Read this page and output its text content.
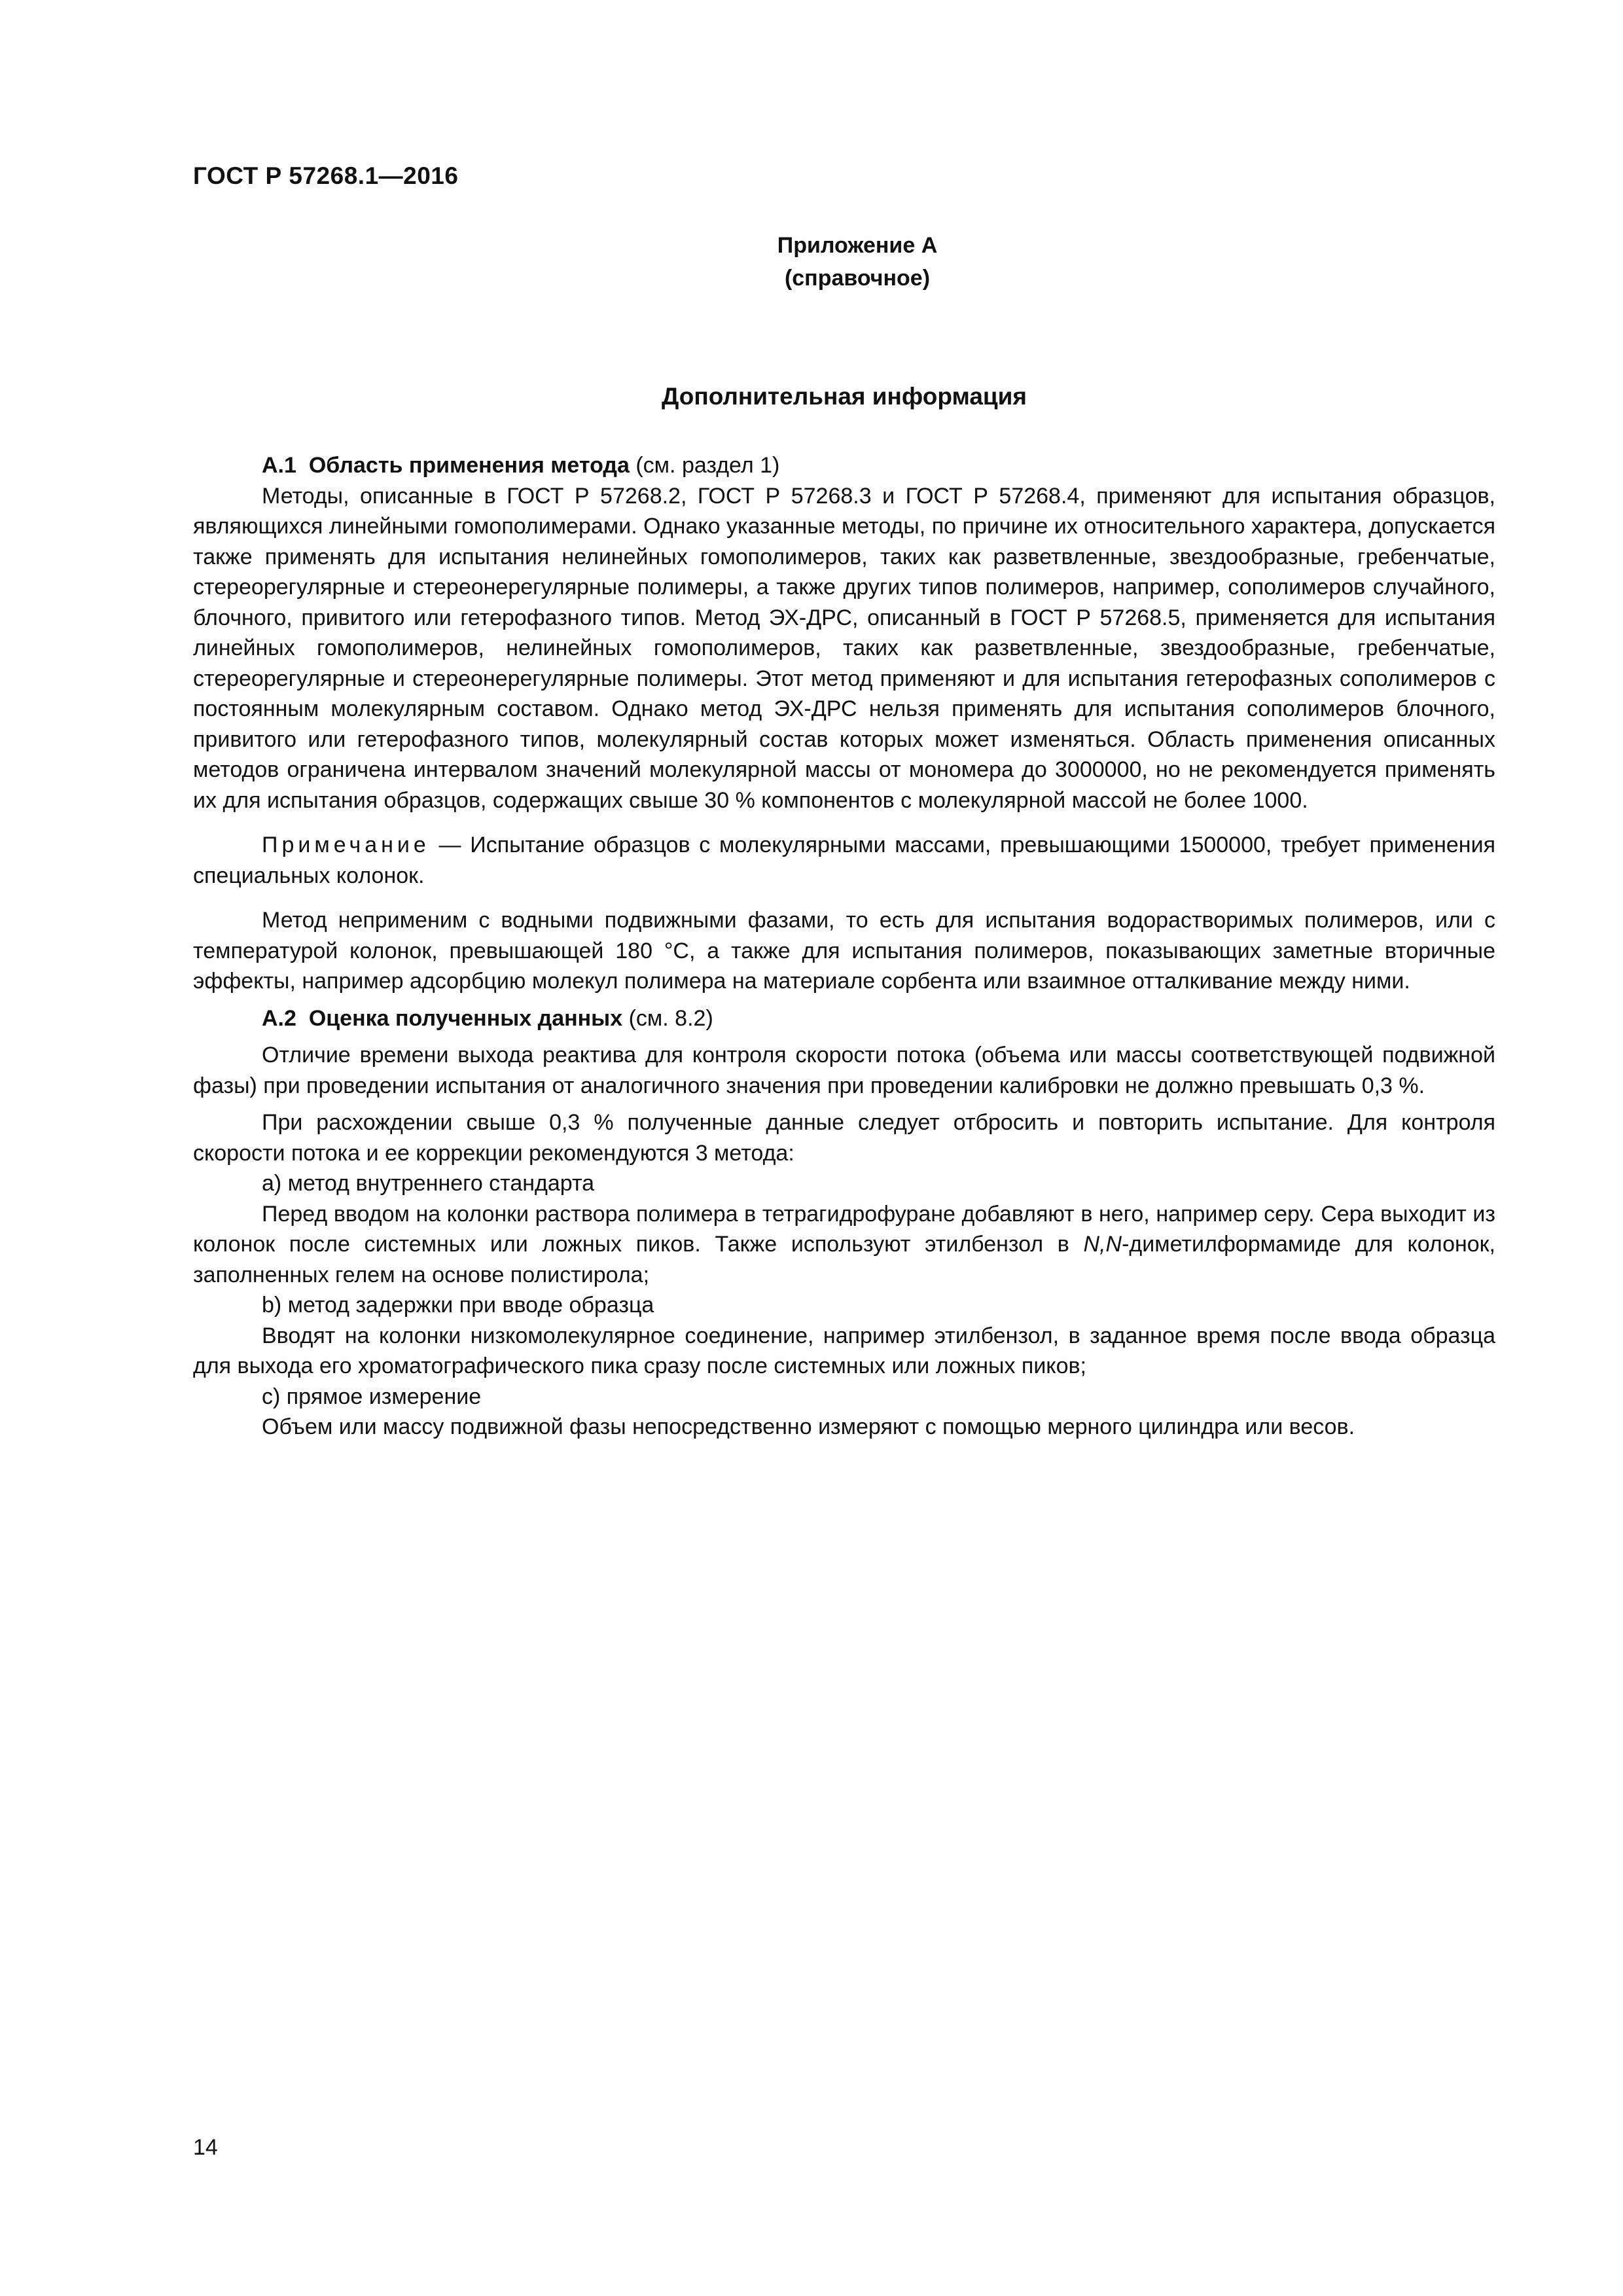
ГОСТ Р 57268.1—2016
Приложение А
(справочное)
Дополнительная информация

А.1 Область применения метода (см. раздел 1)

Методы, описанные в ГОСТ Р 57268.2, ГОСТ Р 57268.3 и ГОСТ Р 57268.4, применяют для испытания образцов, являющихся линейными гомополимерами. Однако указанные методы, по причине их относительного характера, допускается также применять для испытания нелинейных гомополимеров, таких как разветвленные, звездообразные, гребенчатые, стереорегулярные и стереонерегулярные полимеры, а также других типов полимеров, например, сополимеров случайного, блочного, привитого или гетерофазного типов. Метод ЭХ-ДРС, описанный в ГОСТ Р 57268.5, применяется для испытания линейных гомополимеров, нелинейных гомополимеров, таких как разветвленные, звездообразные, гребенчатые, стереорегулярные и стереонерегулярные полимеры. Этот метод применяют и для испытания гетерофазных сополимеров с постоянным молекулярным составом. Однако метод ЭХ-ДРС нельзя применять для испытания сополимеров блочного, привитого или гетерофазного типов, молекулярный состав которых может изменяться. Область применения описанных методов ограничена интервалом значений молекулярной массы от мономера до 3000000, но не рекомендуется применять их для испытания образцов, содержащих свыше 30 % компонентов с молекулярной массой не более 1000.

Примечание — Испытание образцов с молекулярными массами, превышающими 1500000, требует применения специальных колонок.

Метод неприменим с водными подвижными фазами, то есть для испытания водорастворимых полимеров, или с температурой колонок, превышающей 180 °С, а также для испытания полимеров, показывающих заметные вторичные эффекты, например адсорбцию молекул полимера на материале сорбента или взаимное отталкивание между ними.

А.2 Оценка полученных данных (см. 8.2)

Отличие времени выхода реактива для контроля скорости потока (объема или массы соответствующей подвижной фазы) при проведении испытания от аналогичного значения при проведении калибровки не должно превышать 0,3 %.

При расхождении свыше 0,3 % полученные данные следует отбросить и повторить испытание. Для контроля скорости потока и ее коррекции рекомендуются 3 метода:

а) метод внутреннего стандарта

Перед вводом на колонки раствора полимера в тетрагидрофуране добавляют в него, например серу. Сера выходит из колонок после системных или ложных пиков. Также используют этилбензол в N,N-диметилформамиде для колонок, заполненных гелем на основе полистирола;

b) метод задержки при вводе образца

Вводят на колонки низкомолекулярное соединение, например этилбензол, в заданное время после ввода образца для выхода его хроматографического пика сразу после системных или ложных пиков;

с) прямое измерение

Объем или массу подвижной фазы непосредственно измеряют с помощью мерного цилиндра или весов.

14
